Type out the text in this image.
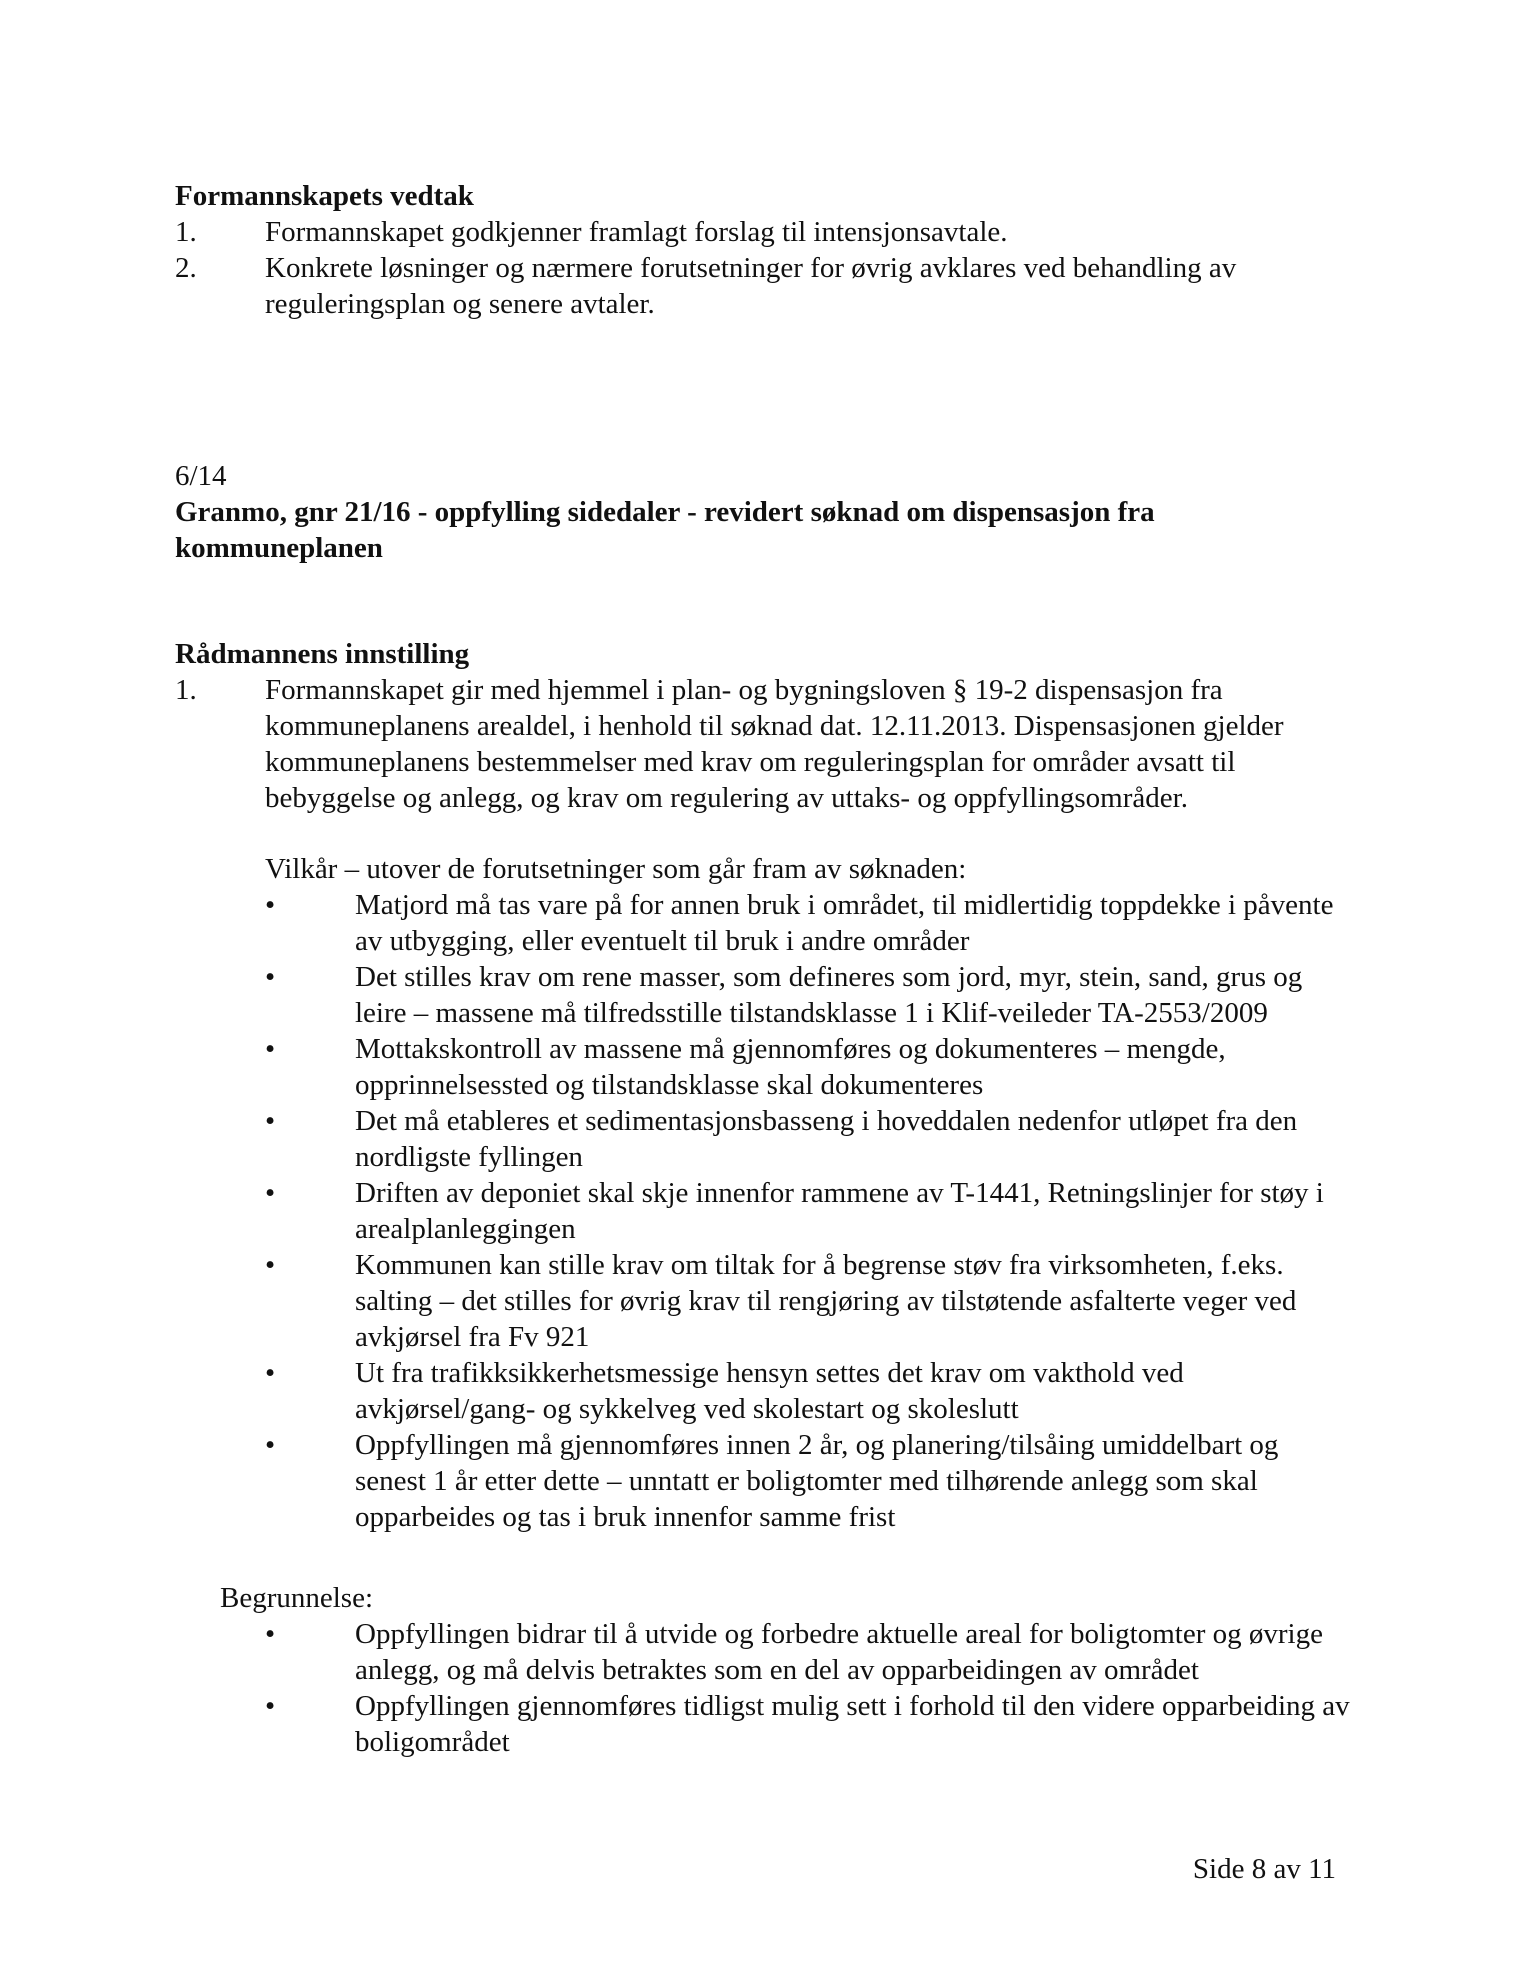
Formannskapets vedtak
1. Formannskapet godkjenner framlagt forslag til intensjonsavtale.
2. Konkrete løsninger og nærmere forutsetninger for øvrig avklares ved behandling av reguleringsplan og senere avtaler.
6/14
Granmo, gnr 21/16 - oppfylling sidedaler - revidert søknad om dispensasjon fra kommuneplanen
Rådmannens innstilling
1. Formannskapet gir med hjemmel i plan- og bygningsloven § 19-2 dispensasjon fra kommuneplanens arealdel, i henhold til søknad dat. 12.11.2013. Dispensasjonen gjelder kommuneplanens bestemmelser med krav om reguleringsplan for områder avsatt til bebyggelse og anlegg, og krav om regulering av uttaks- og oppfyllingsområder.
Vilkår – utover de forutsetninger som går fram av søknaden:
•	Matjord må tas vare på for annen bruk i området, til midlertidig toppdekke i påvente av utbygging, eller eventuelt til bruk i andre områder
•	Det stilles krav om rene masser, som defineres som jord, myr, stein, sand, grus og leire – massene må tilfredsstille tilstandsklasse 1 i Klif-veileder TA-2553/2009
•	Mottakskontroll av massene må gjennomføres og dokumenteres – mengde, opprinnelsessted og tilstandsklasse skal dokumenteres
•	Det må etableres et sedimentasjonsbasseng i hoveddalen nedenfor utløpet fra den nordligste fyllingen
•	Driften av deponiet skal skje innenfor rammene av T-1441, Retningslinjer for støy i arealplanleggingen
•	Kommunen kan stille krav om tiltak for å begrense støv fra virksomheten, f.eks. salting – det stilles for øvrig krav til rengjøring av tilstøtende asfalterte veger ved avkjørsel fra Fv 921
•	Ut fra trafikksikkerhetsmessige hensyn settes det krav om vakthold ved avkjørsel/gang- og sykkelveg ved skolestart og skoleslutt
•	Oppfyllingen må gjennomføres innen 2 år, og planering/tilsåing umiddelbart og senest 1 år etter dette – unntatt er boligtomter med tilhørende anlegg som skal opparbeides og tas i bruk innenfor samme frist
Begrunnelse:
•	Oppfyllingen bidrar til å utvide og forbedre aktuelle areal for boligtomter og øvrige anlegg, og må delvis betraktes som en del av opparbeidingen av området
•	Oppfyllingen gjennomføres tidligst mulig sett i forhold til den videre opparbeiding av boligområdet
Side 8 av 11
